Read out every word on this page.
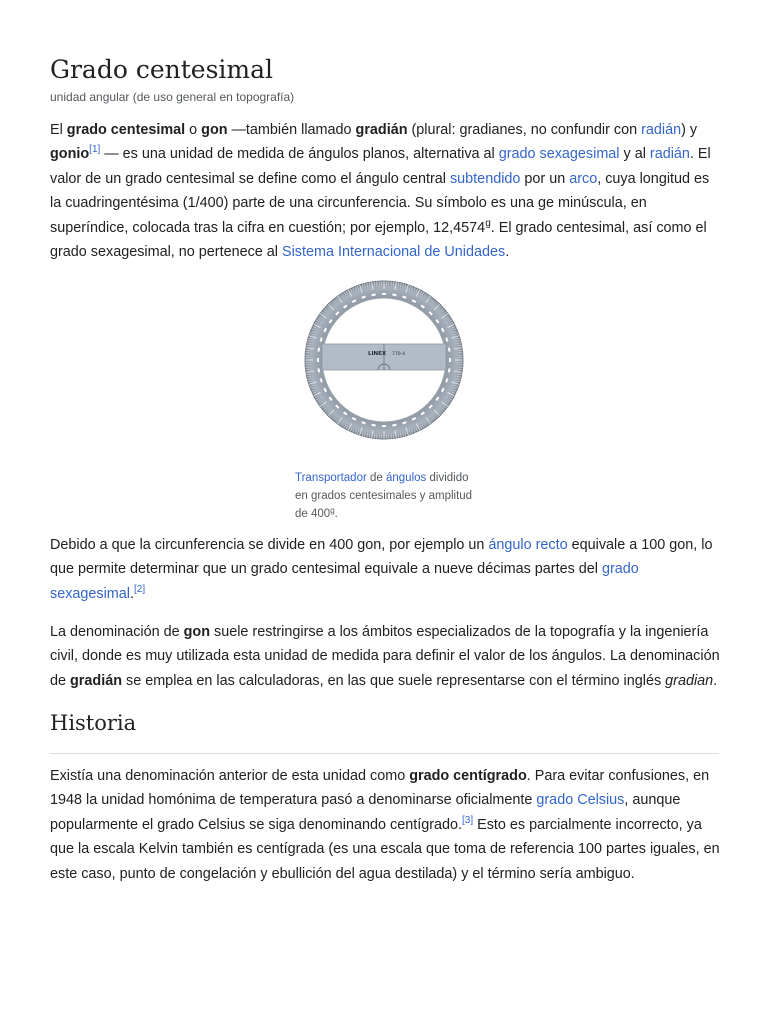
Grado centesimal
unidad angular (de uso general en topografía)

El grado centesimal o gon —también llamado gradián (plural: gradianes, no confundir con radián) y gonio[1] — es una unidad de medida de ángulos planos, alternativa al grado sexagesimal y al radián. El valor de un grado centesimal se define como el ángulo central subtendido por un arco, cuya longitud es la cuadringentésima (1/400) parte de una circunferencia. Su símbolo es una ge minúscula, en superíndice, colocada tras la cifra en cuestión; por ejemplo, 12,4574$^g$. El grado centesimal, así como el grado sexagesimal, no pertenece al Sistema Internacional de Unidades.

LINEX 770-4
Transportador de ángulos dividido en grados centesimales y amplitud de 400$^g$.

Debido a que la circunferencia se divide en 400 gon, por ejemplo un ángulo recto equivale a 100 gon, lo que permite determinar que un grado centesimal equivale a nueve décimas partes del grado sexagesimal.[2]

La denominación de gon suele restringirse a los ámbitos especializados de la topografía y la ingeniería civil, donde es muy utilizada esta unidad de medida para definir el valor de los ángulos. La denominación de gradián se emplea en las calculadoras, en las que suele representarse con el término inglés gradian.

Historia

Existía una denominación anterior de esta unidad como grado centígrado. Para evitar confusiones, en 1948 la unidad homónima de temperatura pasó a denominarse oficialmente grado Celsius, aunque popularmente el grado Celsius se siga denominando centígrado.[3] Esto es parcialmente incorrecto, ya que la escala Kelvin también es centígrada (es una escala que toma de referencia 100 partes iguales, en este caso, punto de congelación y ebullición del agua destilada) y el término sería ambiguo.
